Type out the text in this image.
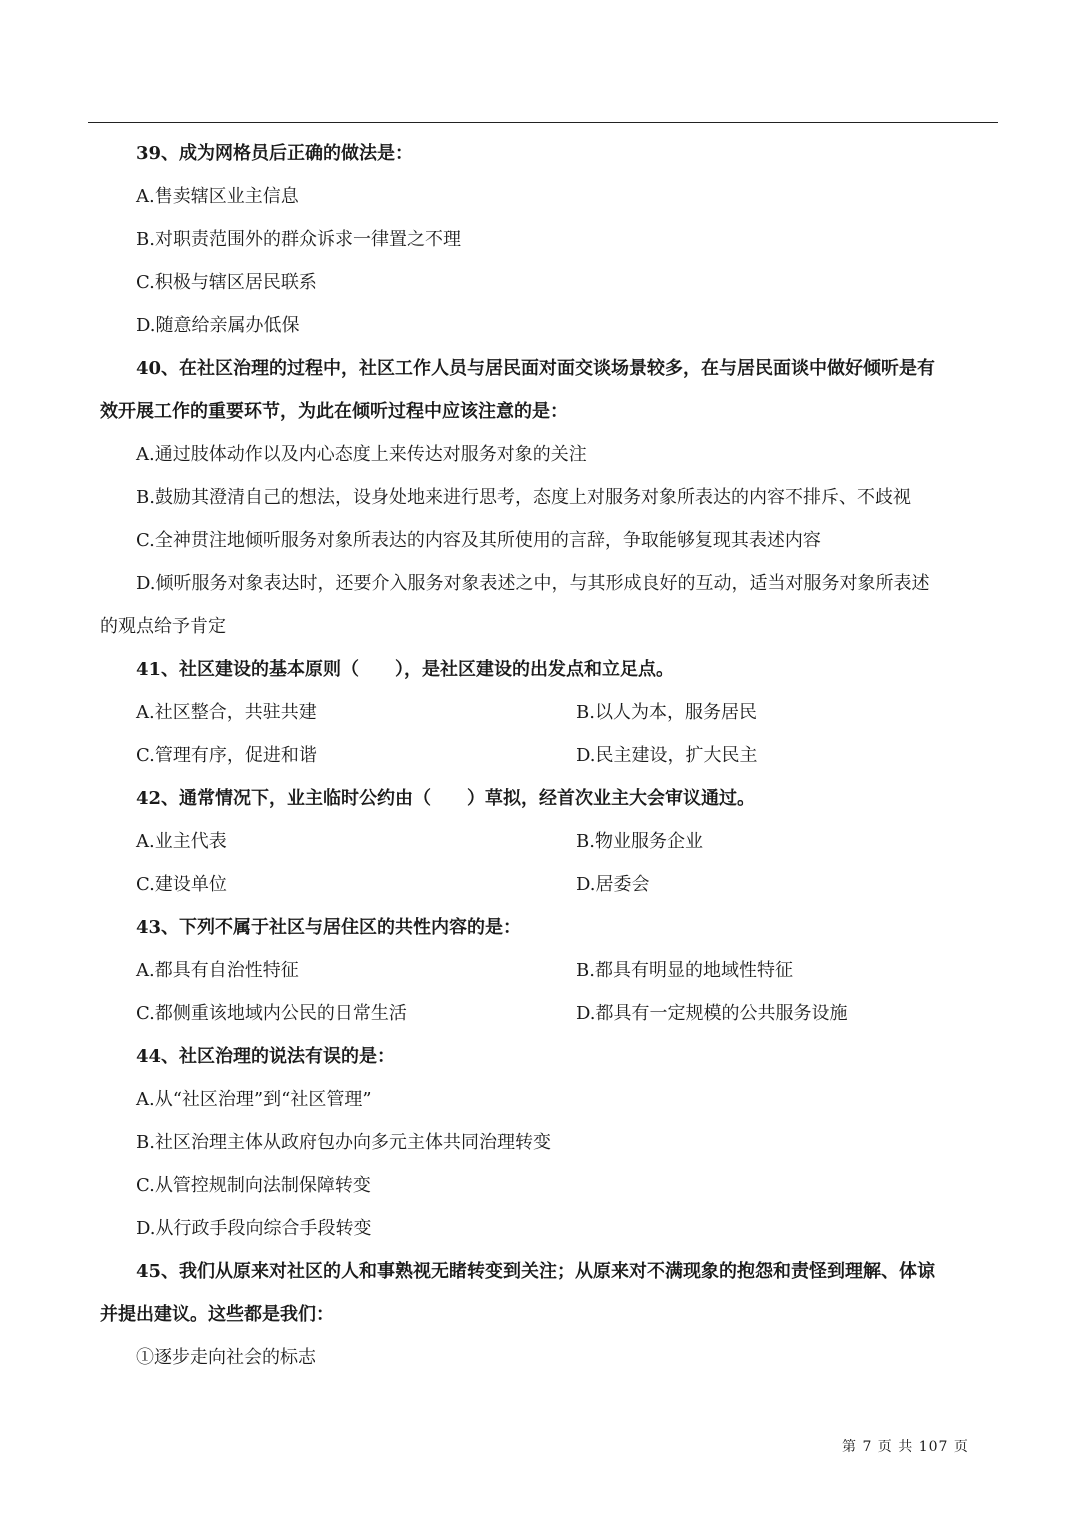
39、成为网格员后正确的做法是：
A.售卖辖区业主信息
B.对职责范围外的群众诉求一律置之不理
C.积极与辖区居民联系
D.随意给亲属办低保
40、在社区治理的过程中，社区工作人员与居民面对面交谈场景较多，在与居民面谈中做好倾听是有
效开展工作的重要环节，为此在倾听过程中应该注意的是：
A.通过肢体动作以及内心态度上来传达对服务对象的关注
B.鼓励其澄清自己的想法，设身处地来进行思考，态度上对服务对象所表达的内容不排斥、不歧视
C.全神贯注地倾听服务对象所表达的内容及其所使用的言辞，争取能够复现其表述内容
D.倾听服务对象表达时，还要介入服务对象表述之中，与其形成良好的互动，适当对服务对象所表述
的观点给予肯定
41、社区建设的基本原则（　　），是社区建设的出发点和立足点。
A.社区整合，共驻共建	B.以人为本，服务居民
C.管理有序，促进和谐	D.民主建设，扩大民主
42、通常情况下，业主临时公约由（　　）草拟，经首次业主大会审议通过。
A.业主代表	B.物业服务企业
C.建设单位	D.居委会
43、下列不属于社区与居住区的共性内容的是：
A.都具有自治性特征	B.都具有明显的地域性特征
C.都侧重该地域内公民的日常生活	D.都具有一定规模的公共服务设施
44、社区治理的说法有误的是：
A.从“社区治理”到“社区管理”
B.社区治理主体从政府包办向多元主体共同治理转变
C.从管控规制向法制保障转变
D.从行政手段向综合手段转变
45、我们从原来对社区的人和事熟视无睹转变到关注；从原来对不满现象的抱怨和责怪到理解、体谅
并提出建议。这些都是我们：
①逐步走向社会的标志
第 7 页 共 107 页
